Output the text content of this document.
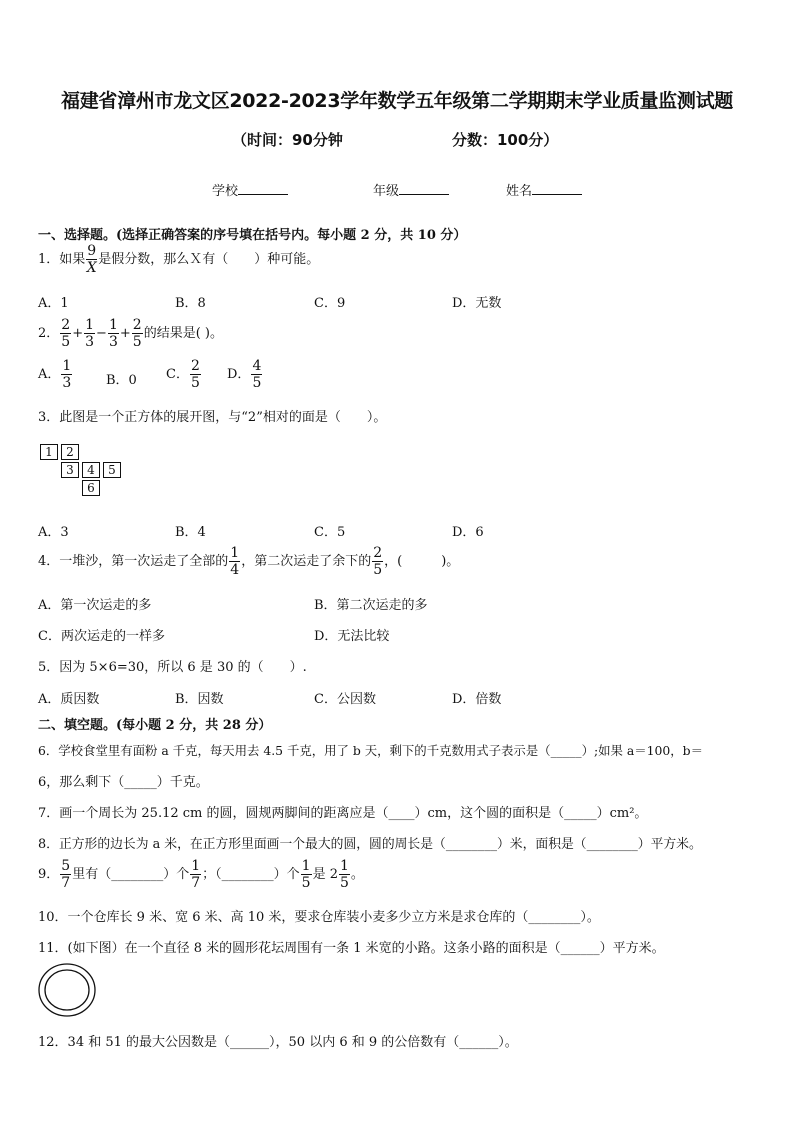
福建省漳州市龙文区2022-2023学年数学五年级第二学期期末学业质量监测试题
（时间：90分钟	分数：100分）
学校	年级	姓名
一、选择题。(选择正确答案的序号填在括号内。每小题 2 分，共 10 分）
1．如果 $\frac{9}{X}$ 是假分数，那么Ｘ有（　　）种可能。
A．1	B．8	C．9	D．无数
2． $\frac{2}{5} + \frac{1}{3} - \frac{1}{3} + \frac{2}{5}$ 的结果是( )。
A． $\frac{1}{3}$	B．0 C． $\frac{2}{5}$ D． $\frac{4}{5}$
3．此图是一个正方体的展开图，与“2”相对的面是（　　）。
1	2
3	4	5
6
A．3	B．4	C．5	D．6
4．一堆沙，第一次运走了全部的 $\frac{1}{4}$ ，第二次运走了余下的 $\frac{2}{5}$ ，(　　　)。
A．第一次运走的多	B．第二次运走的多
C．两次运走的一样多	D．无法比较
5．因为 5×6=30，所以 6 是 30 的（　　）.
A．质因数	B．因数	C．公因数	D．倍数
二、填空题。(每小题 2 分，共 28 分）
6．学校食堂里有面粉 a 千克，每天用去 4.5 千克，用了 b 天，剩下的千克数用式子表示是（_____）;如果 a＝100，b＝
6，那么剩下（_____）千克。
7．画一个周长为 25.12 cm 的圆，圆规两脚间的距离应是（____）cm，这个圆的面积是（_____）cm²。
8．正方形的边长为 a 米，在正方形里面画一个最大的圆，圆的周长是（________）米，面积是（________）平方米。
9． $\frac{5}{7}$ 里有（________）个 $\frac{1}{7}$ ；（________）个 $\frac{1}{5}$ 是 $2 \frac{1}{5}$ 。
10．一个仓库长 9 米、宽 6 米、高 10 米，要求仓库装小麦多少立方米是求仓库的（________）。
11．(如下图）在一个直径 8 米的圆形花坛周围有一条 1 米宽的小路。这条小路的面积是（______）平方米。
12．34 和 51 的最大公因数是（______），50 以内 6 和 9 的公倍数有（______）。
